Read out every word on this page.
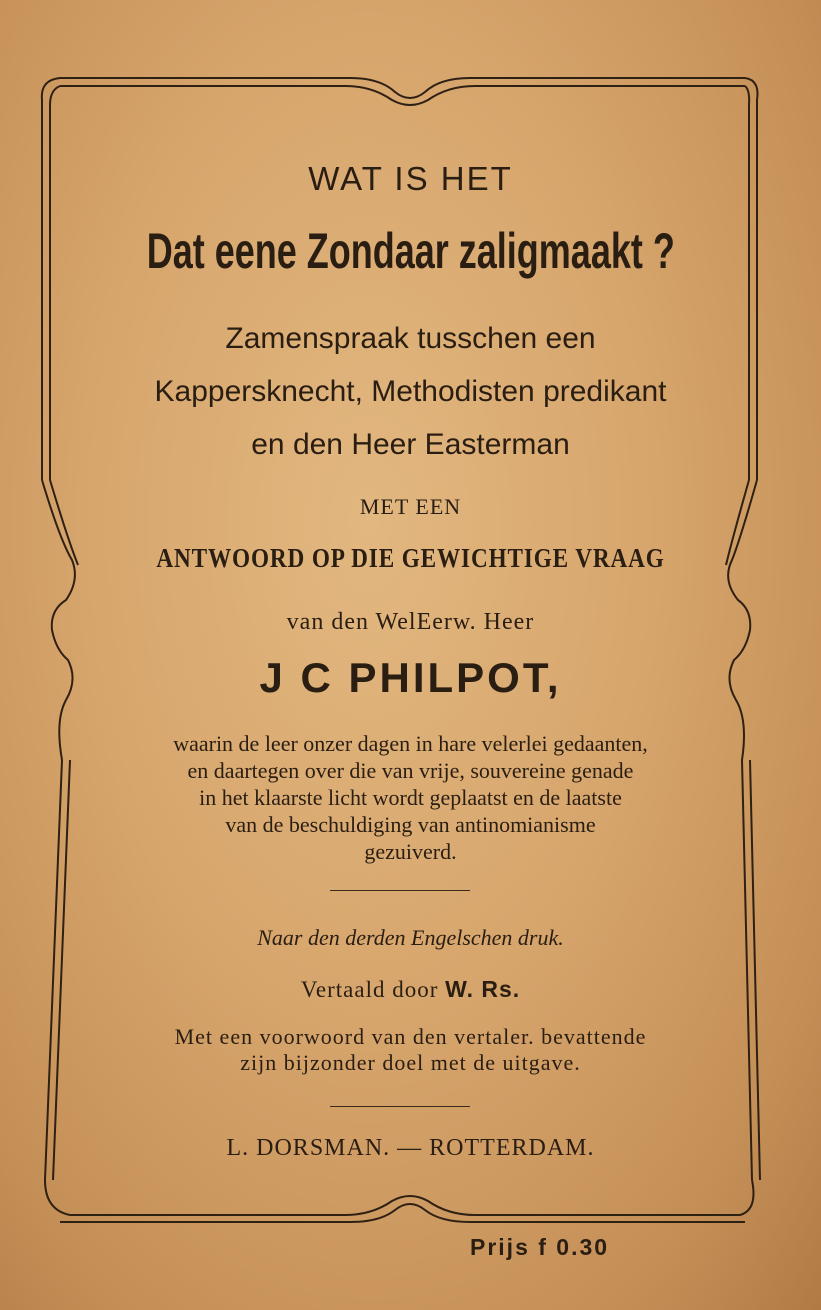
WAT IS HET
Dat eene Zondaar zaligmaakt ?
Zamenspraak tusschen een
Kappersknecht, Methodisten predikant
en den Heer Easterman
MET EEN
ANTWOORD OP DIE GEWICHTIGE VRAAG
van den WelEerw. Heer
J C PHILPOT,
waarin de leer onzer dagen in hare velerlei gedaanten,
en daartegen over die van vrije, souvereine genade
in het klaarste licht wordt geplaatst en de laatste
van de beschuldiging van antinomianisme
gezuiverd.
Naar den derden Engelschen druk.
Vertaald door W. Rs.
Met een voorwoord van den vertaler. bevattende
zijn bijzonder doel met de uitgave.
L. DORSMAN. — ROTTERDAM.
Prijs f 0.30
